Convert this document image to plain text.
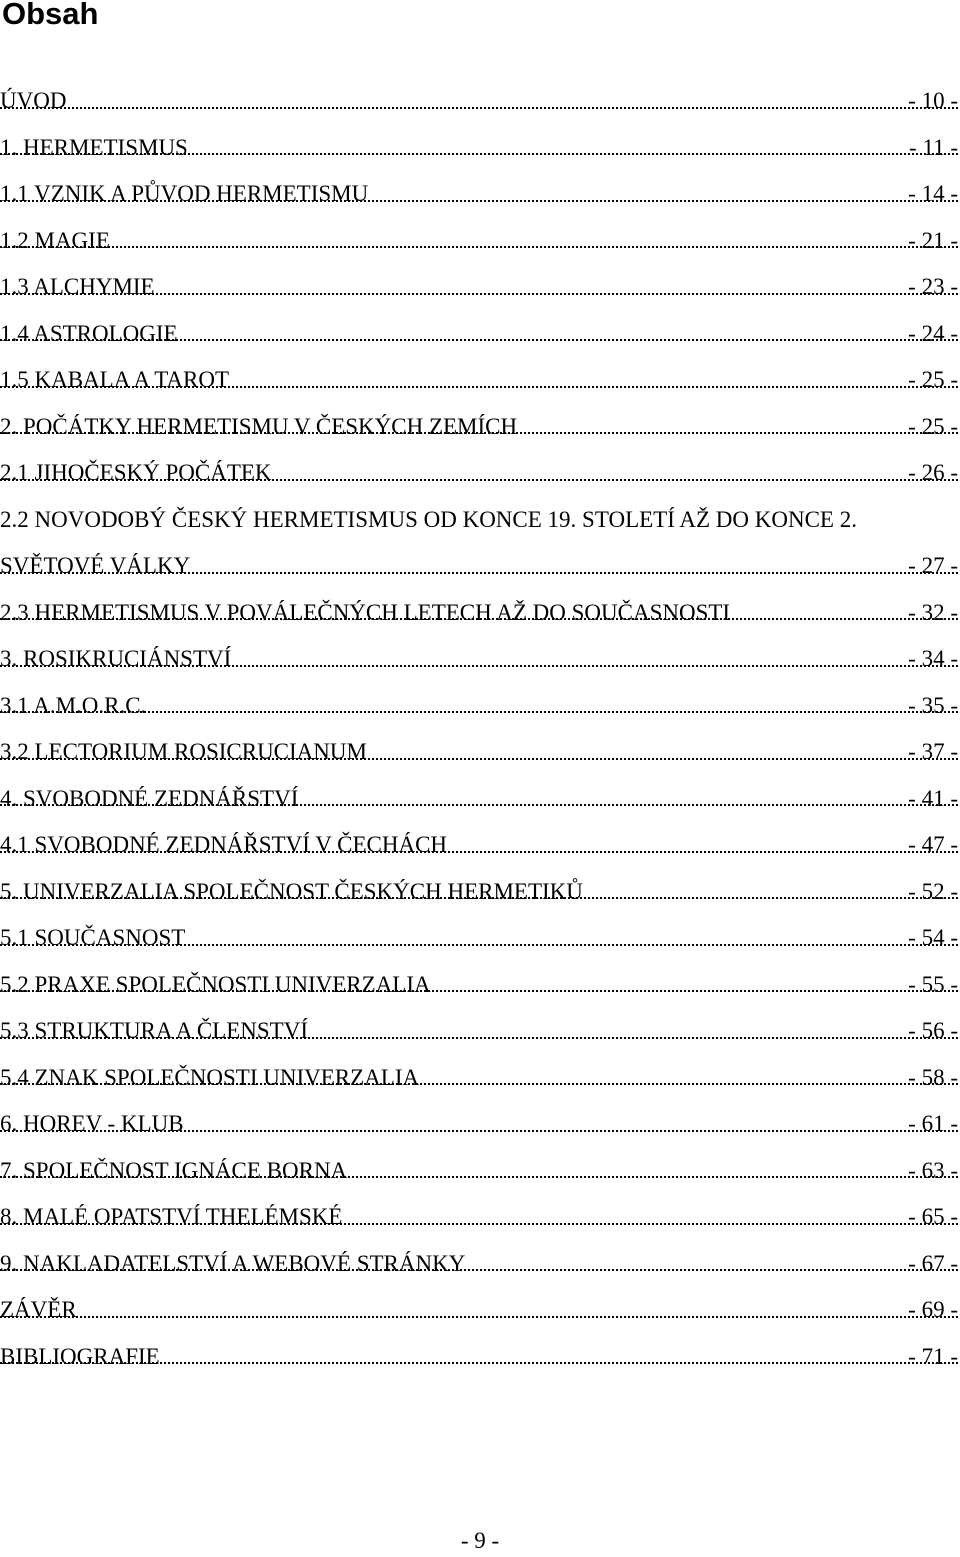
Obsah
ÚVOD	- 10 -
1. HERMETISMUS	- 11 -
1.1 VZNIK A PŮVOD HERMETISMU	- 14 -
1.2 MAGIE	- 21 -
1.3 ALCHYMIE	- 23 -
1.4 ASTROLOGIE	- 24 -
1.5 KABALA A TAROT	- 25 -
2. POČÁTKY HERMETISMU V ČESKÝCH ZEMÍCH	- 25 -
2.1 JIHOČESKÝ POČÁTEK	- 26 -
2.2 NOVODOBÝ ČESKÝ HERMETISMUS OD KONCE 19. STOLETÍ AŽ DO KONCE 2.
SVĚTOVÉ VÁLKY	- 27 -
2.3 HERMETISMUS V POVÁLEČNÝCH LETECH AŽ DO SOUČASNOSTI	- 32 -
3. ROSIKRUCIÁNSTVÍ	- 34 -
3.1 A.M.O.R.C.	- 35 -
3.2 LECTORIUM ROSICRUCIANUM	- 37 -
4. SVOBODNÉ ZEDNÁŘSTVÍ	- 41 -
4.1 SVOBODNÉ ZEDNÁŘSTVÍ V ČECHÁCH	- 47 -
5. UNIVERZALIA SPOLEČNOST ČESKÝCH HERMETIKŮ	- 52 -
5.1 SOUČASNOST	- 54 -
5.2 PRAXE SPOLEČNOSTI UNIVERZALIA	- 55 -
5.3 STRUKTURA A ČLENSTVÍ	- 56 -
5.4 ZNAK SPOLEČNOSTI UNIVERZALIA	- 58 -
6. HOREV - KLUB	- 61 -
7. SPOLEČNOST IGNÁCE BORNA	- 63 -
8. MALÉ OPATSTVÍ THELÉMSKÉ	- 65 -
9. NAKLADATELSTVÍ A WEBOVÉ STRÁNKY	- 67 -
ZÁVĚR	- 69 -
BIBLIOGRAFIE	- 71 -
- 9 -
